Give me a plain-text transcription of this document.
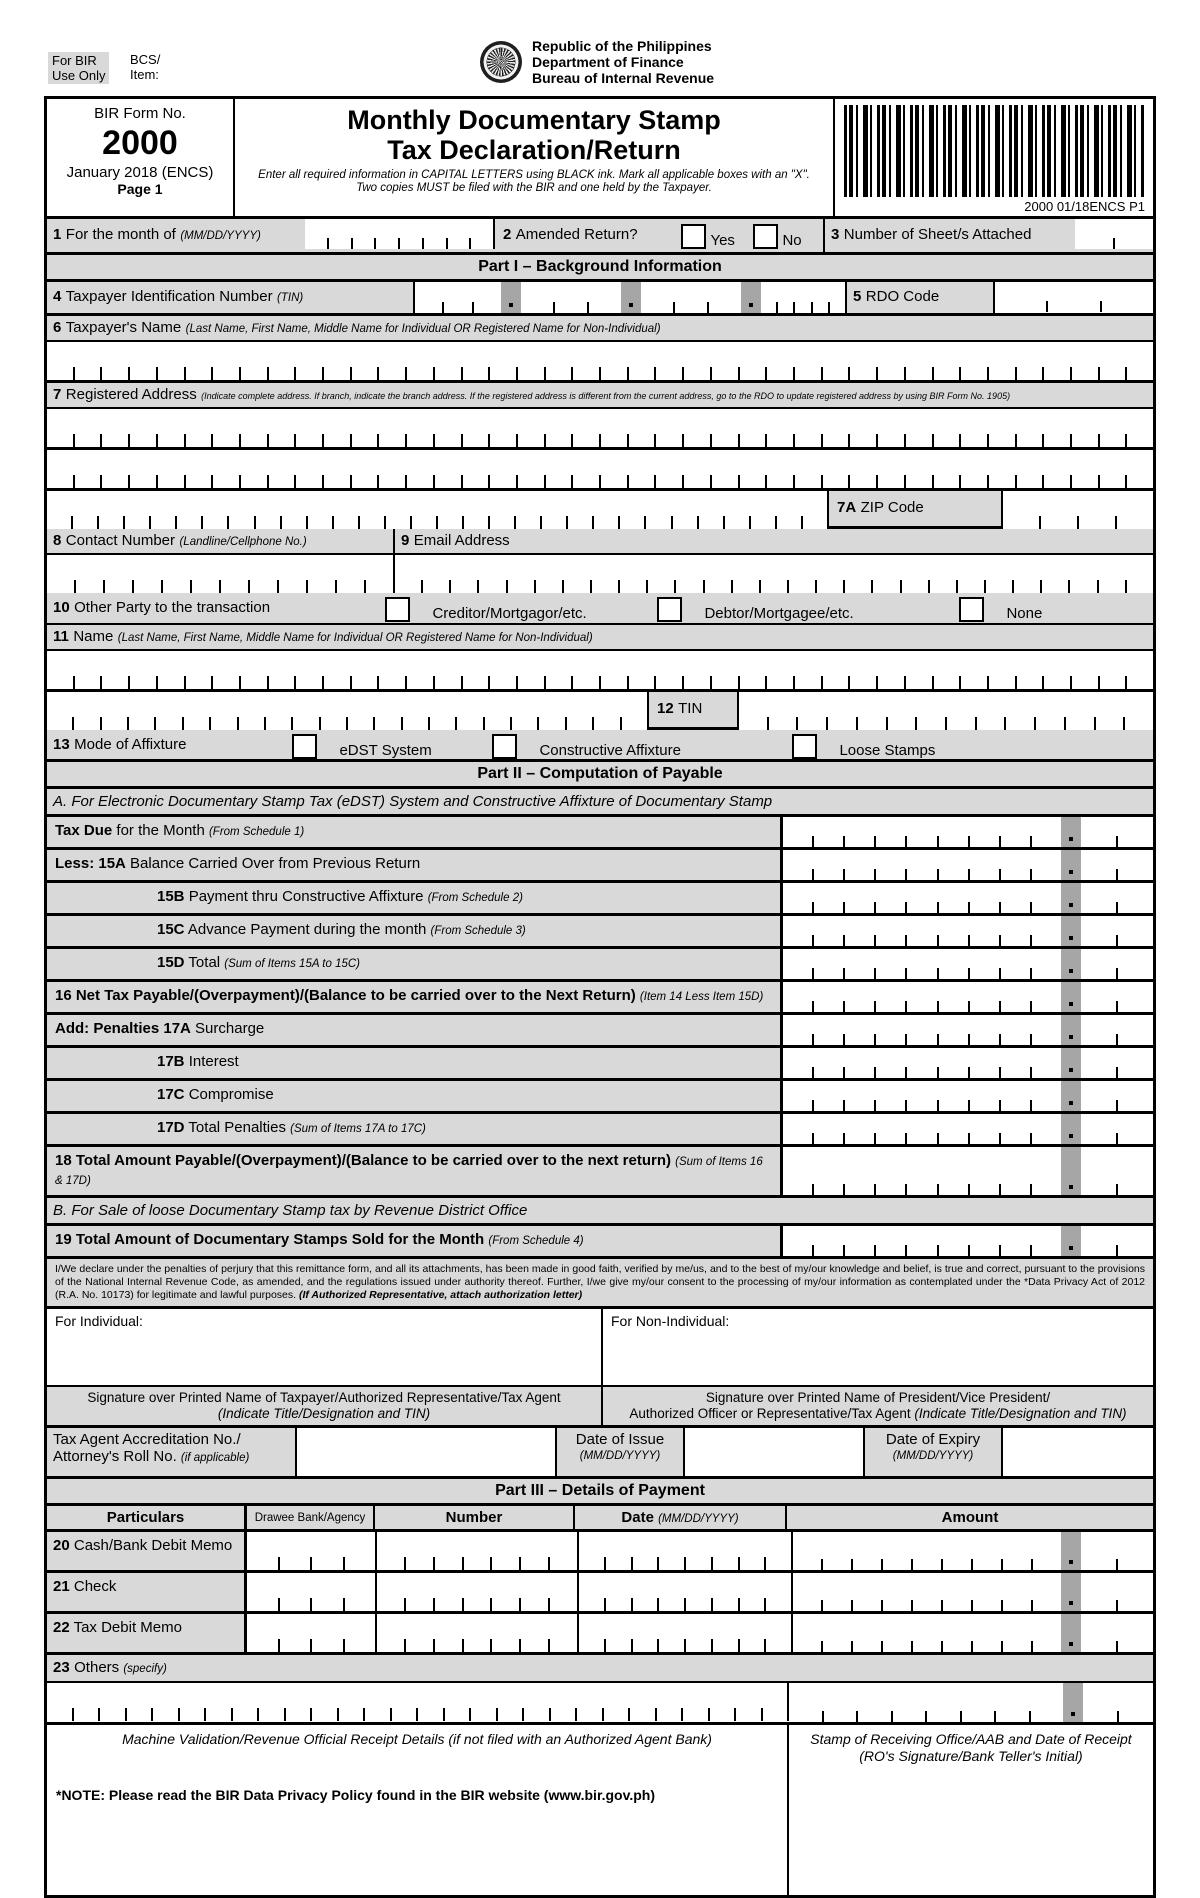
For BIR
Use Only
BCS/
Item:
Republic of the Philippines
Department of Finance
Bureau of Internal Revenue
BIR Form No.
2000
January 2018 (ENCS)
Page 1
Monthly Documentary Stamp
Tax Declaration/Return
Enter all required information in CAPITAL LETTERS using BLACK ink. Mark all applicable boxes with an "X". Two copies MUST be filed with the BIR and one held by the Taxpayer.
2000 01/18ENCS P1
1 For the month of (MM/DD/YYYY)	2 Amended Return?	Yes	No	3 Number of Sheet/s Attached
Part I – Background Information
4 Taxpayer Identification Number (TIN)	5 RDO Code
6 Taxpayer's Name (Last Name, First Name, Middle Name for Individual OR Registered Name for Non-Individual)
7 Registered Address (Indicate complete address. If branch, indicate the branch address. If the registered address is different from the current address, go to the RDO to update registered address by using BIR Form No. 1905)
7A ZIP Code
8 Contact Number (Landline/Cellphone No.)	9 Email Address
10 Other Party to the transaction	Creditor/Mortgagor/etc.	Debtor/Mortgagee/etc.	None
11 Name (Last Name, First Name, Middle Name for Individual OR Registered Name for Non-Individual)
12 TIN
13 Mode of Affixture	eDST System	Constructive Affixture	Loose Stamps
Part II – Computation of Payable
A. For Electronic Documentary Stamp Tax (eDST) System and Constructive Affixture of Documentary Stamp
Tax Due for the Month (From Schedule 1)
Less: 15A Balance Carried Over from Previous Return
15B Payment thru Constructive Affixture (From Schedule 2)
15C Advance Payment during the month (From Schedule 3)
15D Total (Sum of Items 15A to 15C)
16 Net Tax Payable/(Overpayment)/(Balance to be carried over to the Next Return) (Item 14 Less Item 15D)
Add: Penalties 17A Surcharge
17B Interest
17C Compromise
17D Total Penalties (Sum of Items 17A to 17C)
18 Total Amount Payable/(Overpayment)/(Balance to be carried over to the next return) (Sum of Items 16 & 17D)
B. For Sale of loose Documentary Stamp tax by Revenue District Office
19 Total Amount of Documentary Stamps Sold for the Month (From Schedule 4)
I/We declare under the penalties of perjury that this remittance form, and all its attachments, has been made in good faith, verified by me/us, and to the best of my/our knowledge and belief, is true and correct, pursuant to the provisions of the National Internal Revenue Code, as amended, and the regulations issued under authority thereof. Further, I/we give my/our consent to the processing of my/our information as contemplated under the *Data Privacy Act of 2012 (R.A. No. 10173) for legitimate and lawful purposes. (If Authorized Representative, attach authorization letter)
For Individual:	For Non-Individual:
Signature over Printed Name of Taxpayer/Authorized Representative/Tax Agent
(Indicate Title/Designation and TIN)
Signature over Printed Name of President/Vice President/
Authorized Officer or Representative/Tax Agent (Indicate Title/Designation and TIN)
Tax Agent Accreditation No./
Attorney's Roll No. (if applicable)
Date of Issue
(MM/DD/YYYY)
Date of Expiry
(MM/DD/YYYY)
Part III – Details of Payment
Particulars	Drawee Bank/Agency	Number	Date (MM/DD/YYYY)	Amount
20 Cash/Bank Debit Memo
21 Check
22 Tax Debit Memo
23 Others (specify)
Machine Validation/Revenue Official Receipt Details (if not filed with an Authorized Agent Bank)	Stamp of Receiving Office/AAB and Date of Receipt
(RO's Signature/Bank Teller's Initial)
*NOTE: Please read the BIR Data Privacy Policy found in the BIR website (www.bir.gov.ph)
